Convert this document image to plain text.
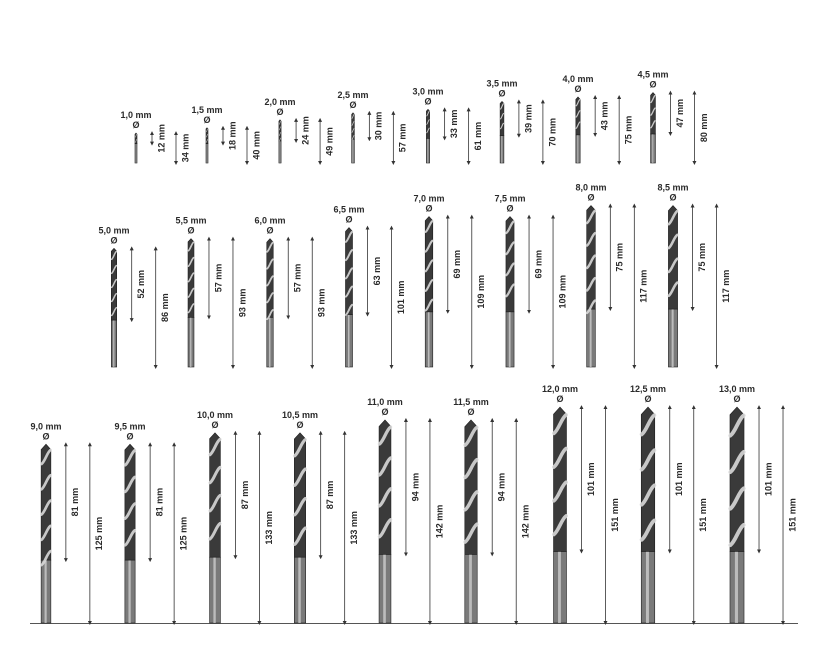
1,0 mm
Ø 12 mm 34 mm
1,5 mm
Ø
18 mm 40 mm
2,0 mm
Ø
24 mm 49 mm
2,5 mm
Ø
30 mm 57 mm
3,0 mm
Ø
33 mm 61 mm
3,5 mm
Ø
39 mm 70 mm
4,0 mm
Ø
43 mm 75 mm
4,5 mm
Ø
47 mm
80 mm
5,0 mm
Ø
52 mm
86 mm
5,5 mm
Ø
57 mm
93 mm
6,0 mm
Ø
57 mm
93 mm
6,5 mm
Ø
63 mm
101 mm
7,0 mm
Ø
69 mm
109 mm
7,5 mm
Ø
69 mm
109 mm
8,0 mm
Ø
75 mm
117 mm
8,5 mm
Ø
75 mm
117 mm
9,0 mm
Ø
81 mm
125 mm
9,5 mm
Ø
81 mm
125 mm
10,0 mm
Ø
87 mm
133 mm
10,5 mm
Ø
87 mm
133 mm
11,0 mm
Ø
94 mm
142 mm
11,5 mm
Ø
94 mm
142 mm
12,0 mm
Ø
101 mm
151 mm
12,5 mm
Ø
101 mm
151 mm
13,0 mm
Ø
101 mm
151 mm
